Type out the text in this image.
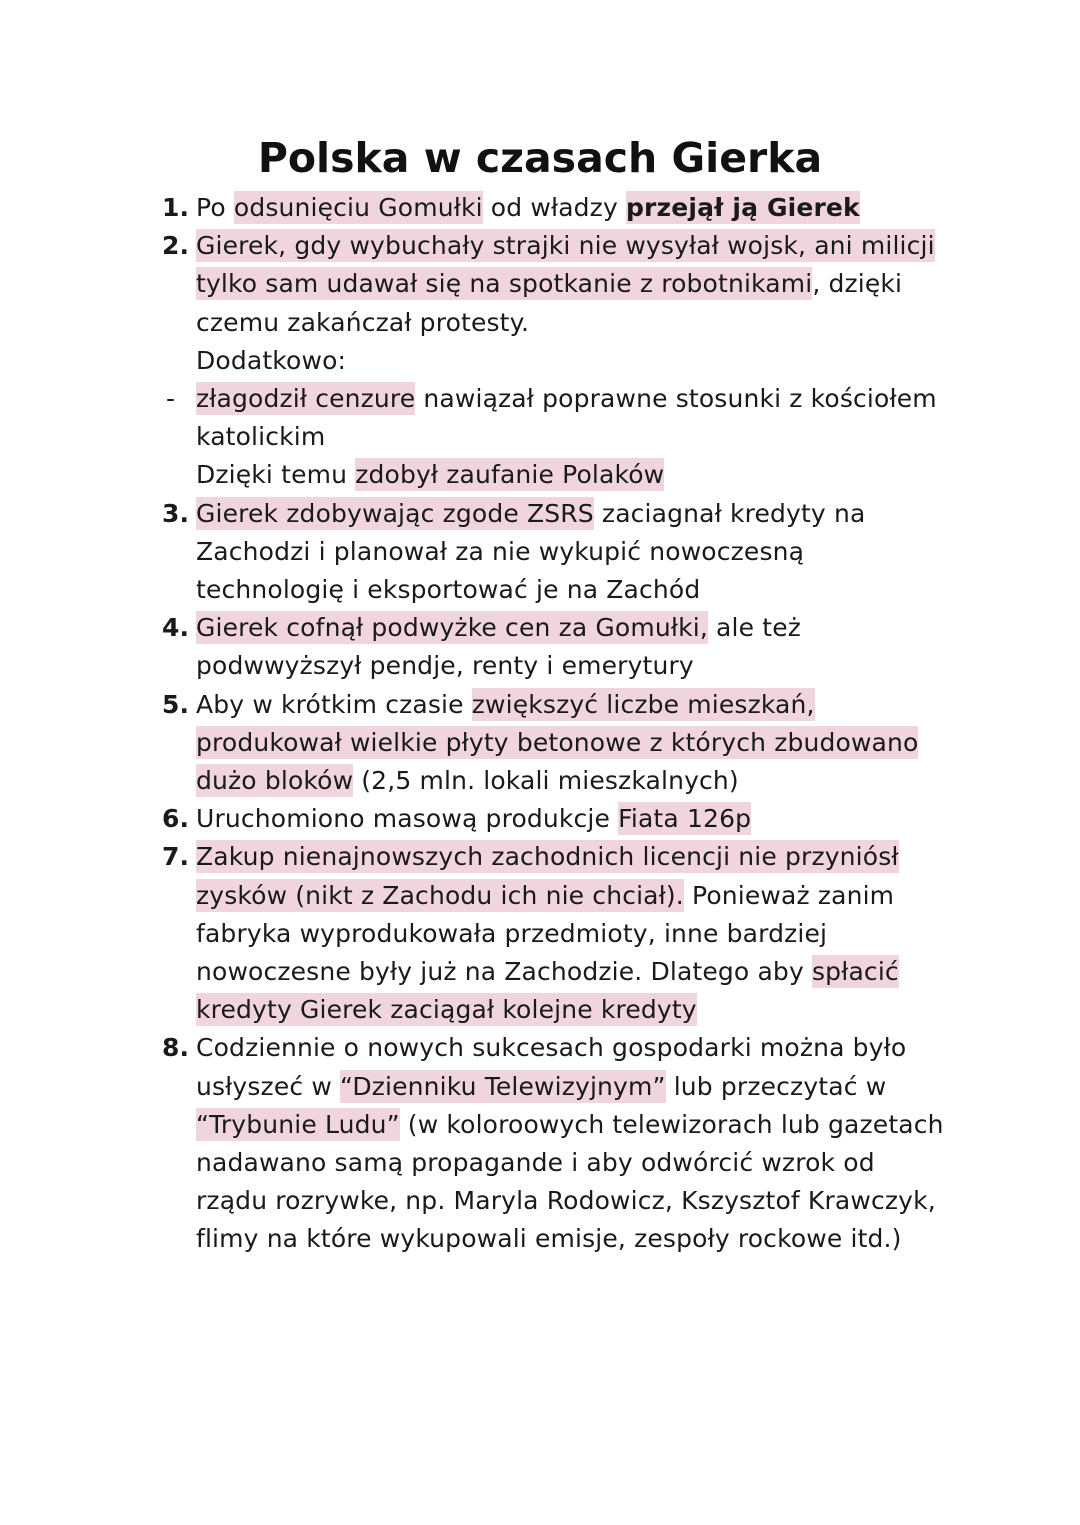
Polska w czasach Gierka
1. Po odsunięciu Gomułki od władzy przejął ją Gierek
2. Gierek, gdy wybuchały strajki nie wysyłał wojsk, ani milicji tylko sam udawał się na spotkanie z robotnikami, dzięki czemu zakańczał protesty.
Dodatkowo:
- złagodził cenzure nawiązał poprawne stosunki z kościołem katolickim
Dzięki temu zdobył zaufanie Polaków
3. Gierek zdobywając zgode ZSRS zaciagnał kredyty na Zachodzi i planował za nie wykupić nowoczesną technologię i eksportować je na Zachód
4. Gierek cofnął podwyżke cen za Gomułki, ale też podwwyższył pendje, renty i emerytury
5. Aby w krótkim czasie zwiększyć liczbe mieszkań, produkował wielkie płyty betonowe z których zbudowano dużo bloków (2,5 mln. lokali mieszkalnych)
6. Uruchomiono masową produkcje Fiata 126p
7. Zakup nienajnowszych zachodnich licencji nie przyniósł zysków (nikt z Zachodu ich nie chciał). Ponieważ zanim fabryka wyprodukowała przedmioty, inne bardziej nowoczesne były już na Zachodzie. Dlatego aby spłacić kredyty Gierek zaciągał kolejne kredyty
8. Codziennie o nowych sukcesach gospodarki można było usłyszeć w “Dzienniku Telewizyjnym” lub przeczytać w “Trybunie Ludu” (w koloroowych telewizorach lub gazetach nadawano samą propagande i aby odwórcić wzrok od rządu rozrywke, np. Maryla Rodowicz, Kszysztof Krawczyk, flimy na które wykupowali emisje, zespoły rockowe itd.)
